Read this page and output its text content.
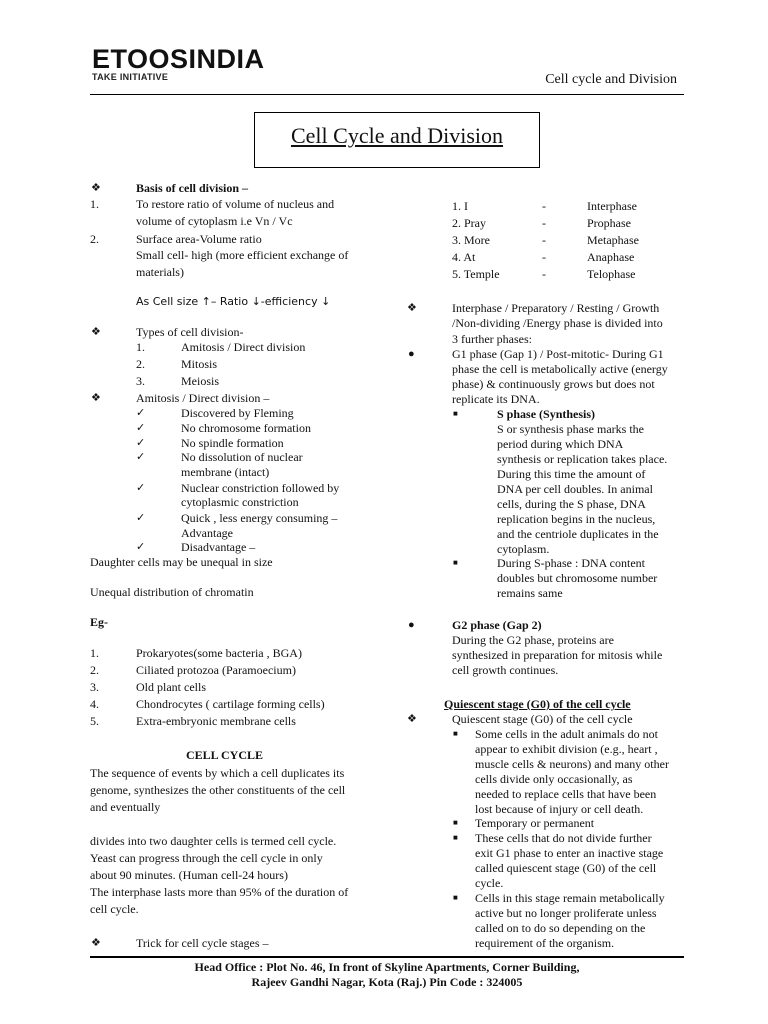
ETOOSINDIA
TAKE INITIATIVE	Cell cycle and Division
Cell Cycle and Division
❖	Basis of cell division –
1.	To restore ratio of volume of nucleus and
volume of cytoplasm i.e Vn / Vc
2.	Surface area-Volume ratio
Small cell- high (more efficient exchange of
materials)
As Cell size ↑– Ratio ↓-efficiency ↓
❖	Types of cell division-
1.	Amitosis / Direct division
2.	Mitosis
3.	Meiosis
❖	Amitosis / Direct division –
✓	Discovered by Fleming
✓	No chromosome formation
✓	No spindle formation
✓	No dissolution of nuclear
membrane (intact)
✓	Nuclear constriction followed by
cytoplasmic constriction
✓	Quick , less energy consuming –
Advantage
✓	Disadvantage –
Daughter cells may be unequal in size
Unequal distribution of chromatin
Eg-
1.	Prokaryotes(some bacteria , BGA)
2.	Ciliated protozoa (Paramoecium)
3.	Old plant cells
4.	Chondrocytes ( cartilage forming cells)
5.	Extra-embryonic membrane cells
CELL CYCLE
The sequence of events by which a cell duplicates its
genome, synthesizes the other constituents of the cell
and eventually
divides into two daughter cells is termed cell cycle.
Yeast can progress through the cell cycle in only
about 90 minutes. (Human cell-24 hours)
The interphase lasts more than 95% of the duration of
cell cycle.
❖	Trick for cell cycle stages –
1. I	-	Interphase
2. Pray	-	Prophase
3. More	-	Metaphase
4. At	-	Anaphase
5. Temple	-	Telophase
❖	Interphase / Preparatory / Resting / Growth
/Non-dividing /Energy phase is divided into
3 further phases:
●	G1 phase (Gap 1) / Post-mitotic- During G1
phase the cell is metabolically active (energy
phase) & continuously grows but does not
replicate its DNA.
■	S phase (Synthesis)
S or synthesis phase marks the
period during which DNA
synthesis or replication takes place.
During this time the amount of
DNA per cell doubles. In animal
cells, during the S phase, DNA
replication begins in the nucleus,
and the centriole duplicates in the
cytoplasm.
■	During S-phase : DNA content
doubles but chromosome number
remains same
●	G2 phase (Gap 2)
During the G2 phase, proteins are
synthesized in preparation for mitosis while
cell growth continues.
Quiescent stage (G0) of the cell cycle
❖	Quiescent stage (G0) of the cell cycle
■ Some cells in the adult animals do not
appear to exhibit division (e.g., heart ,
muscle cells & neurons) and many other
cells divide only occasionally, as
needed to replace cells that have been
lost because of injury or cell death.
■ Temporary or permanent
■ These cells that do not divide further
exit G1 phase to enter an inactive stage
called quiescent stage (G0) of the cell
cycle.
■ Cells in this stage remain metabolically
active but no longer proliferate unless
called on to do so depending on the
requirement of the organism.
Head Office : Plot No. 46, In front of Skyline Apartments, Corner Building,
Rajeev Gandhi Nagar, Kota (Raj.) Pin Code : 324005
